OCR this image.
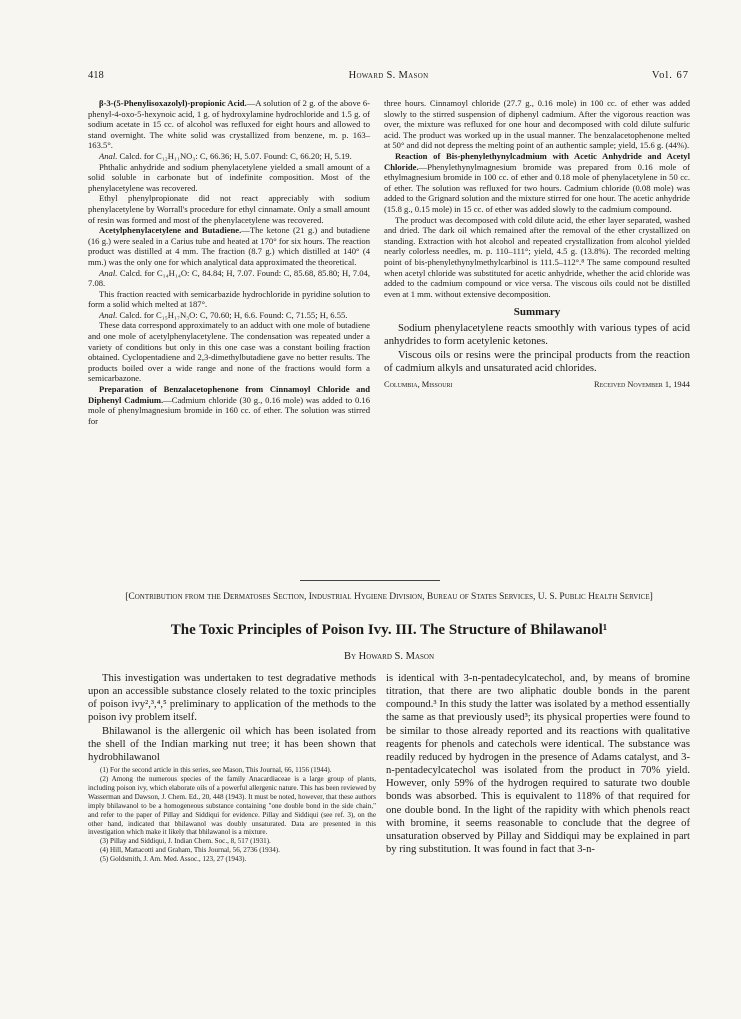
418	Howard S. Mason	Vol. 67

β-3-(5-Phenylisoxazolyl)-propionic Acid.—A solution of 2 g. of the above 6-phenyl-4-oxo-5-hexynoic acid, 1 g. of hydroxylamine hydrochloride and 1.5 g. of sodium acetate in 15 cc. of alcohol was refluxed for eight hours and allowed to stand overnight. The white solid was crystallized from benzene, m. p. 163–163.5°.

Anal. Calcd. for C₁₂H₁₁NO₃: C, 66.36; H, 5.07. Found: C, 66.20; H, 5.19.

Phthalic anhydride and sodium phenylacetylene yielded a small amount of a solid soluble in carbonate but of indefinite composition. Most of the phenylacetylene was recovered.

Ethyl phenylpropionate did not react appreciably with sodium phenylacetylene by Worrall's procedure for ethyl cinnamate. Only a small amount of resin was formed and most of the phenylacetylene was recovered.

Acetylphenylacetylene and Butadiene.—The ketone (21 g.) and butadiene (16 g.) were sealed in a Carius tube and heated at 170° for six hours. The reaction product was distilled at 4 mm. The fraction (8.7 g.) which distilled at 140° (4 mm.) was the only one for which analytical data approximated the theoretical.

Anal. Calcd. for C₁₄H₁₄O: C, 84.84; H, 7.07. Found: C, 85.68, 85.80; H, 7.04, 7.08.

This fraction reacted with semicarbazide hydrochloride in pyridine solution to form a solid which melted at 187°.

Anal. Calcd. for C₁₅H₁₇N₃O: C, 70.60; H, 6.6. Found: C, 71.55; H, 6.55.

These data correspond approximately to an adduct with one mole of butadiene and one mole of acetylphenylacetylene. The condensation was repeated under a variety of conditions but only in this one case was a constant boiling fraction obtained. Cyclopentadiene and 2,3-dimethylbutadiene gave no better results. The products boiled over a wide range and none of the fractions would form a semicarbazone.

Preparation of Benzalacetophenone from Cinnamoyl Chloride and Diphenyl Cadmium.—Cadmium chloride (30 g., 0.16 mole) was added to 0.16 mole of phenylmagnesium bromide in 160 cc. of ether. The solution was stirred for

three hours. Cinnamoyl chloride (27.7 g., 0.16 mole) in 100 cc. of ether was added slowly to the stirred suspension of diphenyl cadmium. After the vigorous reaction was over, the mixture was refluxed for one hour and decomposed with cold dilute sulfuric acid. The product was worked up in the usual manner. The benzalacetophenone melted at 50° and did not depress the melting point of an authentic sample; yield, 15.6 g. (44%).

Reaction of Bis-phenylethynylcadmium with Acetic Anhydride and Acetyl Chloride.—Phenylethynylmagnesium bromide was prepared from 0.16 mole of ethylmagnesium bromide in 100 cc. of ether and 0.18 mole of phenylacetylene in 50 cc. of ether. The solution was refluxed for two hours. Cadmium chloride (0.08 mole) was added to the Grignard solution and the mixture stirred for one hour. The acetic anhydride (15.8 g., 0.15 mole) in 15 cc. of ether was added slowly to the cadmium compound.

The product was decomposed with cold dilute acid, the ether layer separated, washed and dried. The dark oil which remained after the removal of the ether crystallized on standing. Extraction with hot alcohol and repeated crystallization from alcohol yielded nearly colorless needles, m. p. 110–111°; yield, 4.5 g. (13.8%). The recorded melting point of bis-phenylethynylmethylcarbinol is 111.5–112°.⁸ The same compound resulted when acetyl chloride was substituted for acetic anhydride, whether the acid chloride was added to the cadmium compound or vice versa. The viscous oils could not be distilled even at 1 mm. without extensive decomposition.

Summary

Sodium phenylacetylene reacts smoothly with various types of acid anhydrides to form acetylenic ketones.

Viscous oils or resins were the principal products from the reaction of cadmium alkyls and unsaturated acid chlorides.

Columbia, Missouri	Received November 1, 1944
[Contribution from the Dermatoses Section, Industrial Hygiene Division, Bureau of States Services, U. S. Public Health Service]
The Toxic Principles of Poison Ivy. III. The Structure of Bhilawanol¹
By Howard S. Mason

This investigation was undertaken to test degradative methods upon an accessible substance closely related to the toxic principles of poison ivy²,³,⁴,⁵ preliminary to application of the methods to the poison ivy problem itself.

Bhilawanol is the allergenic oil which has been isolated from the shell of the Indian marking nut tree; it has been shown that hydrobhilawanol

(1) For the second article in this series, see Mason, This Journal, 66, 1156 (1944).

(2) Among the numerous species of the family Anacardiaceae is a large group of plants, including poison ivy, which elaborate oils of a powerful allergenic nature. This has been reviewed by Wasserman and Dawson, J. Chem. Ed., 20, 448 (1943). It must be noted, however, that these authors imply bhilawanol to be a homogeneous substance containing "one double bond in the side chain," and refer to the paper of Pillay and Siddiqui for evidence. Pillay and Siddiqui (see ref. 3), on the other hand, indicated that bhilawanol was doubly unsaturated. Data are presented in this investigation which make it likely that bhilawanol is a mixture.

(3) Pillay and Siddiqui, J. Indian Chem. Soc., 8, 517 (1931).

(4) Hill, Mattacotti and Graham, This Journal, 56, 2736 (1934).

(5) Goldsmith, J. Am. Med. Assoc., 123, 27 (1943).

is identical with 3-n-pentadecylcatechol, and, by means of bromine titration, that there are two aliphatic double bonds in the parent compound.³ In this study the latter was isolated by a method essentially the same as that previously used³; its physical properties were found to be similar to those already reported and its reactions with qualitative reagents for phenols and catechols were identical. The substance was readily reduced by hydrogen in the presence of Adams catalyst, and 3-n-pentadecylcatechol was isolated from the product in 70% yield. However, only 59% of the hydrogen required to saturate two double bonds was absorbed. This is equivalent to 118% of that required for one double bond. In the light of the rapidity with which phenols react with bromine, it seems reasonable to conclude that the degree of unsaturation observed by Pillay and Siddiqui may be explained in part by ring substitution. It was found in fact that 3-n-
